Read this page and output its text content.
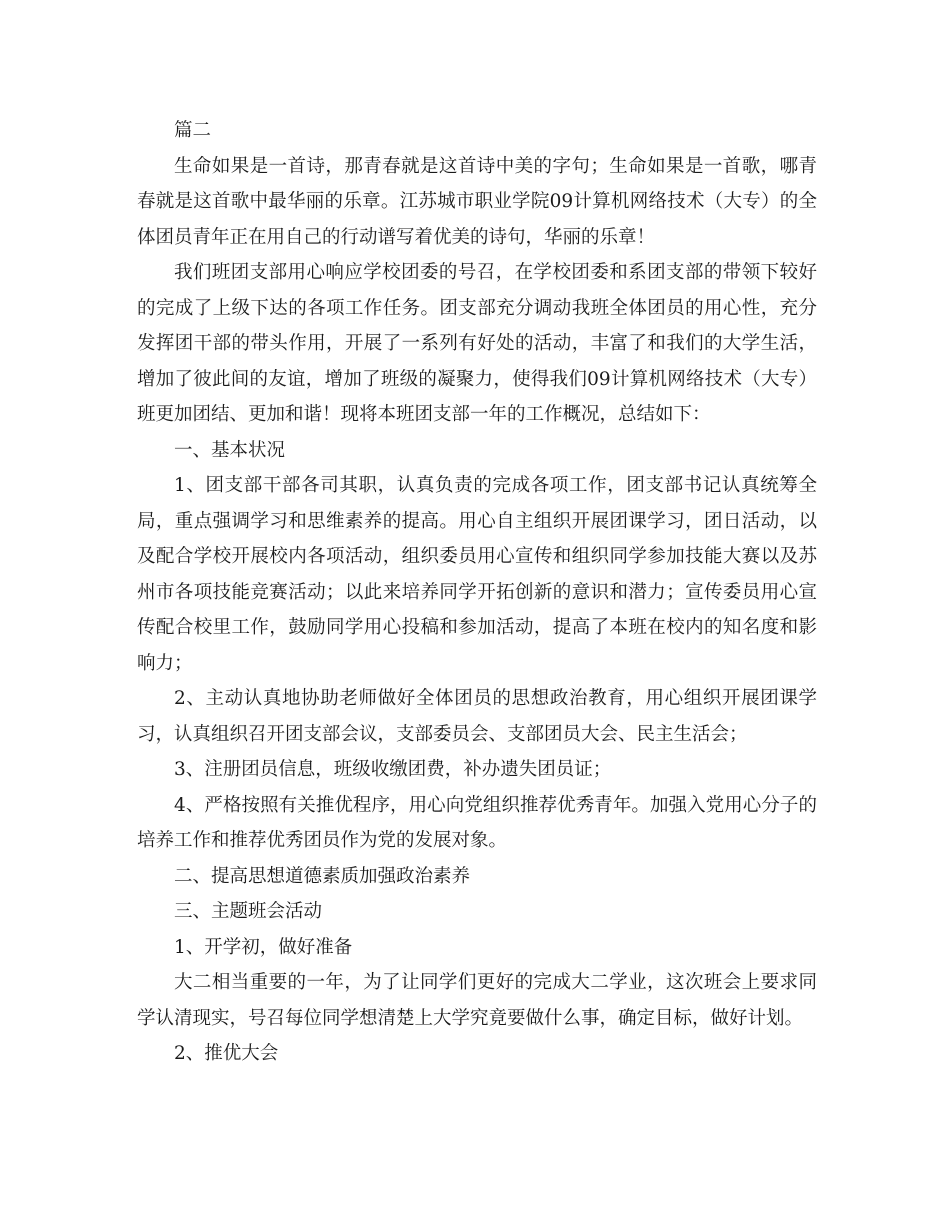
篇二

生命如果是一首诗，那青春就是这首诗中美的字句；生命如果是一首歌，哪青春就是这首歌中最华丽的乐章。江苏城市职业学院09计算机网络技术（大专）的全体团员青年正在用自己的行动谱写着优美的诗句，华丽的乐章！

我们班团支部用心响应学校团委的号召，在学校团委和系团支部的带领下较好的完成了上级下达的各项工作任务。团支部充分调动我班全体团员的用心性，充分发挥团干部的带头作用，开展了一系列有好处的活动，丰富了和我们的大学生活，增加了彼此间的友谊，增加了班级的凝聚力，使得我们09计算机网络技术（大专）班更加团结、更加和谐！现将本班团支部一年的工作概况，总结如下：

一、基本状况

1、团支部干部各司其职，认真负责的完成各项工作，团支部书记认真统筹全局，重点强调学习和思维素养的提高。用心自主组织开展团课学习，团日活动，以及配合学校开展校内各项活动，组织委员用心宣传和组织同学参加技能大赛以及苏州市各项技能竞赛活动；以此来培养同学开拓创新的意识和潜力；宣传委员用心宣传配合校里工作，鼓励同学用心投稿和参加活动，提高了本班在校内的知名度和影响力；

2、主动认真地协助老师做好全体团员的思想政治教育，用心组织开展团课学习，认真组织召开团支部会议，支部委员会、支部团员大会、民主生活会；

3、注册团员信息，班级收缴团费，补办遗失团员证；

4、严格按照有关推优程序，用心向党组织推荐优秀青年。加强入党用心分子的培养工作和推荐优秀团员作为党的发展对象。

二、提高思想道德素质加强政治素养

三、主题班会活动

1、开学初，做好准备

大二相当重要的一年，为了让同学们更好的完成大二学业，这次班会上要求同学认清现实，号召每位同学想清楚上大学究竟要做什么事，确定目标，做好计划。

2、推优大会
